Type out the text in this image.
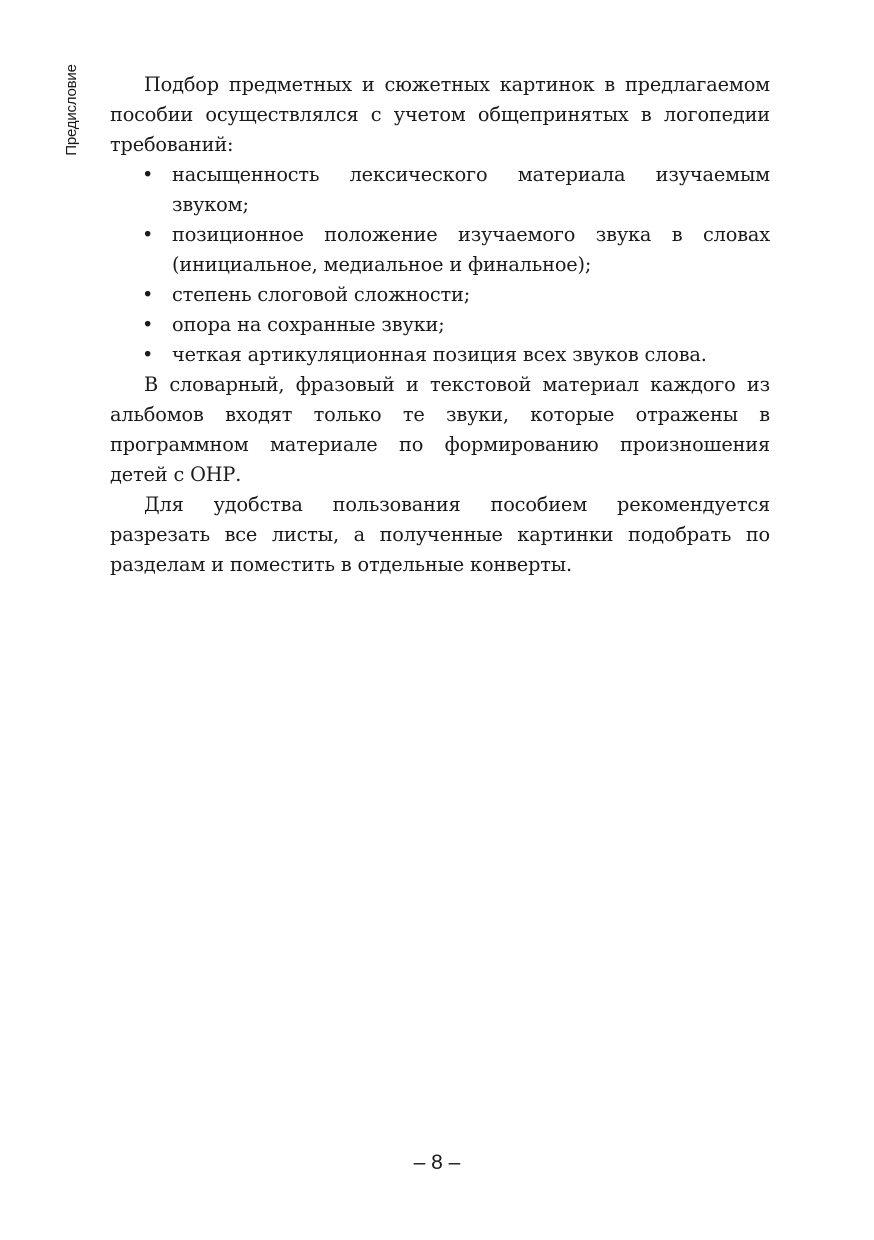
Предисловие	Подбор предметных и сюжетных картинок в предлагаемом пособии осуществлялся с учетом общепринятых в логопедии требований:

• насыщенность лексического материала изучаемым звуком;
• позиционное положение изучаемого звука в словах (инициальное, медиальное и финальное);
• степень слоговой сложности;
• опора на сохранные звуки;
• четкая артикуляционная позиция всех звуков слова.

В словарный, фразовый и текстовой материал каждого из альбомов входят только те звуки, которые отражены в программном материале по формированию произношения детей с ОНР.

Для удобства пользования пособием рекомендуется разрезать все листы, а полученные картинки подобрать по разделам и поместить в отдельные конверты.

– 8 –
